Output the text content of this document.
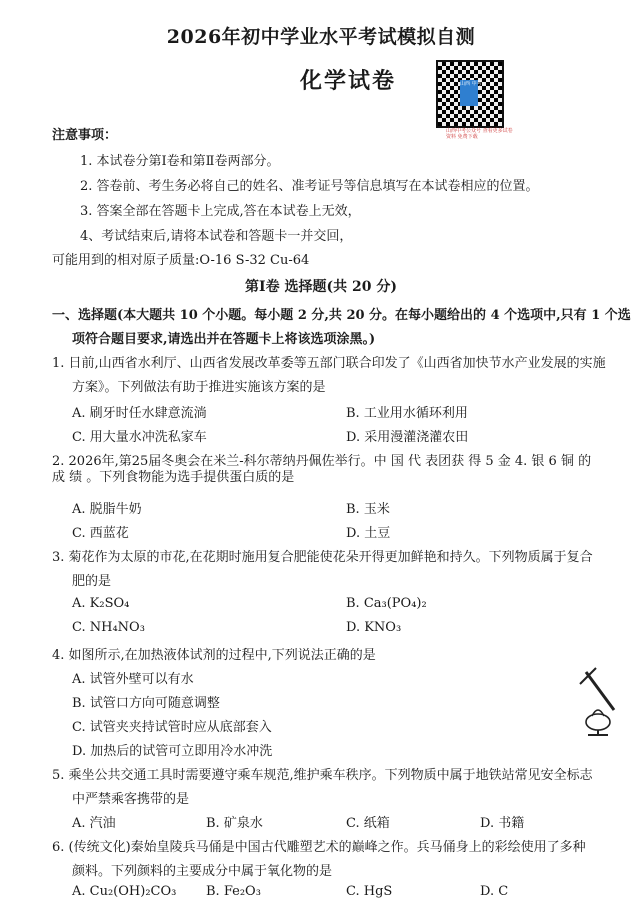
2026年初中学业水平考试模拟自测
化学试卷	山西 中考
山西中考公众号 查看更多试卷资料 免费下载
注意事项：
1. 本试卷分第Ⅰ卷和第Ⅱ卷两部分。
2. 答卷前、考生务必将自己的姓名、准考证号等信息填写在本试卷相应的位置。
3. 答案全部在答题卡上完成,答在本试卷上无效，
4、考试结束后,请将本试卷和答题卡一并交回，
可能用到的相对原子质量:O-16 S-32 Cu-64
第Ⅰ卷 选择题(共 20 分)
一、选择题(本大题共 10 个小题。每小题 2 分,共 20 分。在每小题给出的 4 个选项中,只有 1 个选
项符合题目要求,请选出并在答题卡上将该选项涂黑。)
1. 日前,山西省水利厅、山西省发展改革委等五部门联合印发了《山西省加快节水产业发展的实施
方案》。下列做法有助于推进实施该方案的是
A. 刷牙时任水肆意流淌	B. 工业用水循环利用
C. 用大量水冲洗私家车	D. 采用漫灌浇灌农田
2. 2026年,第25届冬奥会在米兰-科尔蒂纳丹佩佐举行。中 国 代 表团获 得 5 金 4. 银 6 铜 的
成 绩 。下列食物能为选手提供蛋白质的是
A. 脱脂牛奶	B. 玉米
C. 西蓝花	D. 土豆
3. 菊花作为太原的市花,在花期时施用复合肥能使花朵开得更加鲜艳和持久。下列物质属于复合
肥的是
A. K₂SO₄	B. Ca₃(PO₄)₂
C. NH₄NO₃	D. KNO₃
4. 如图所示,在加热液体试剂的过程中,下列说法正确的是
A. 试管外壁可以有水
B. 试管口方向可随意调整
C. 试管夹夹持试管时应从底部套入
D. 加热后的试管可立即用冷水冲洗
5. 乘坐公共交通工具时需要遵守乘车规范,维护乘车秩序。下列物质中属于地铁站常见安全标志
中严禁乘客携带的是
A. 汽油	B. 矿泉水	C. 纸箱	D. 书籍
6. (传统文化)秦始皇陵兵马俑是中国古代雕塑艺术的巅峰之作。兵马俑身上的彩绘使用了多种
颜料。下列颜料的主要成分中属于氧化物的是
A. Cu₂(OH)₂CO₃ B. Fe₂O₃	C. HgS	D. C
